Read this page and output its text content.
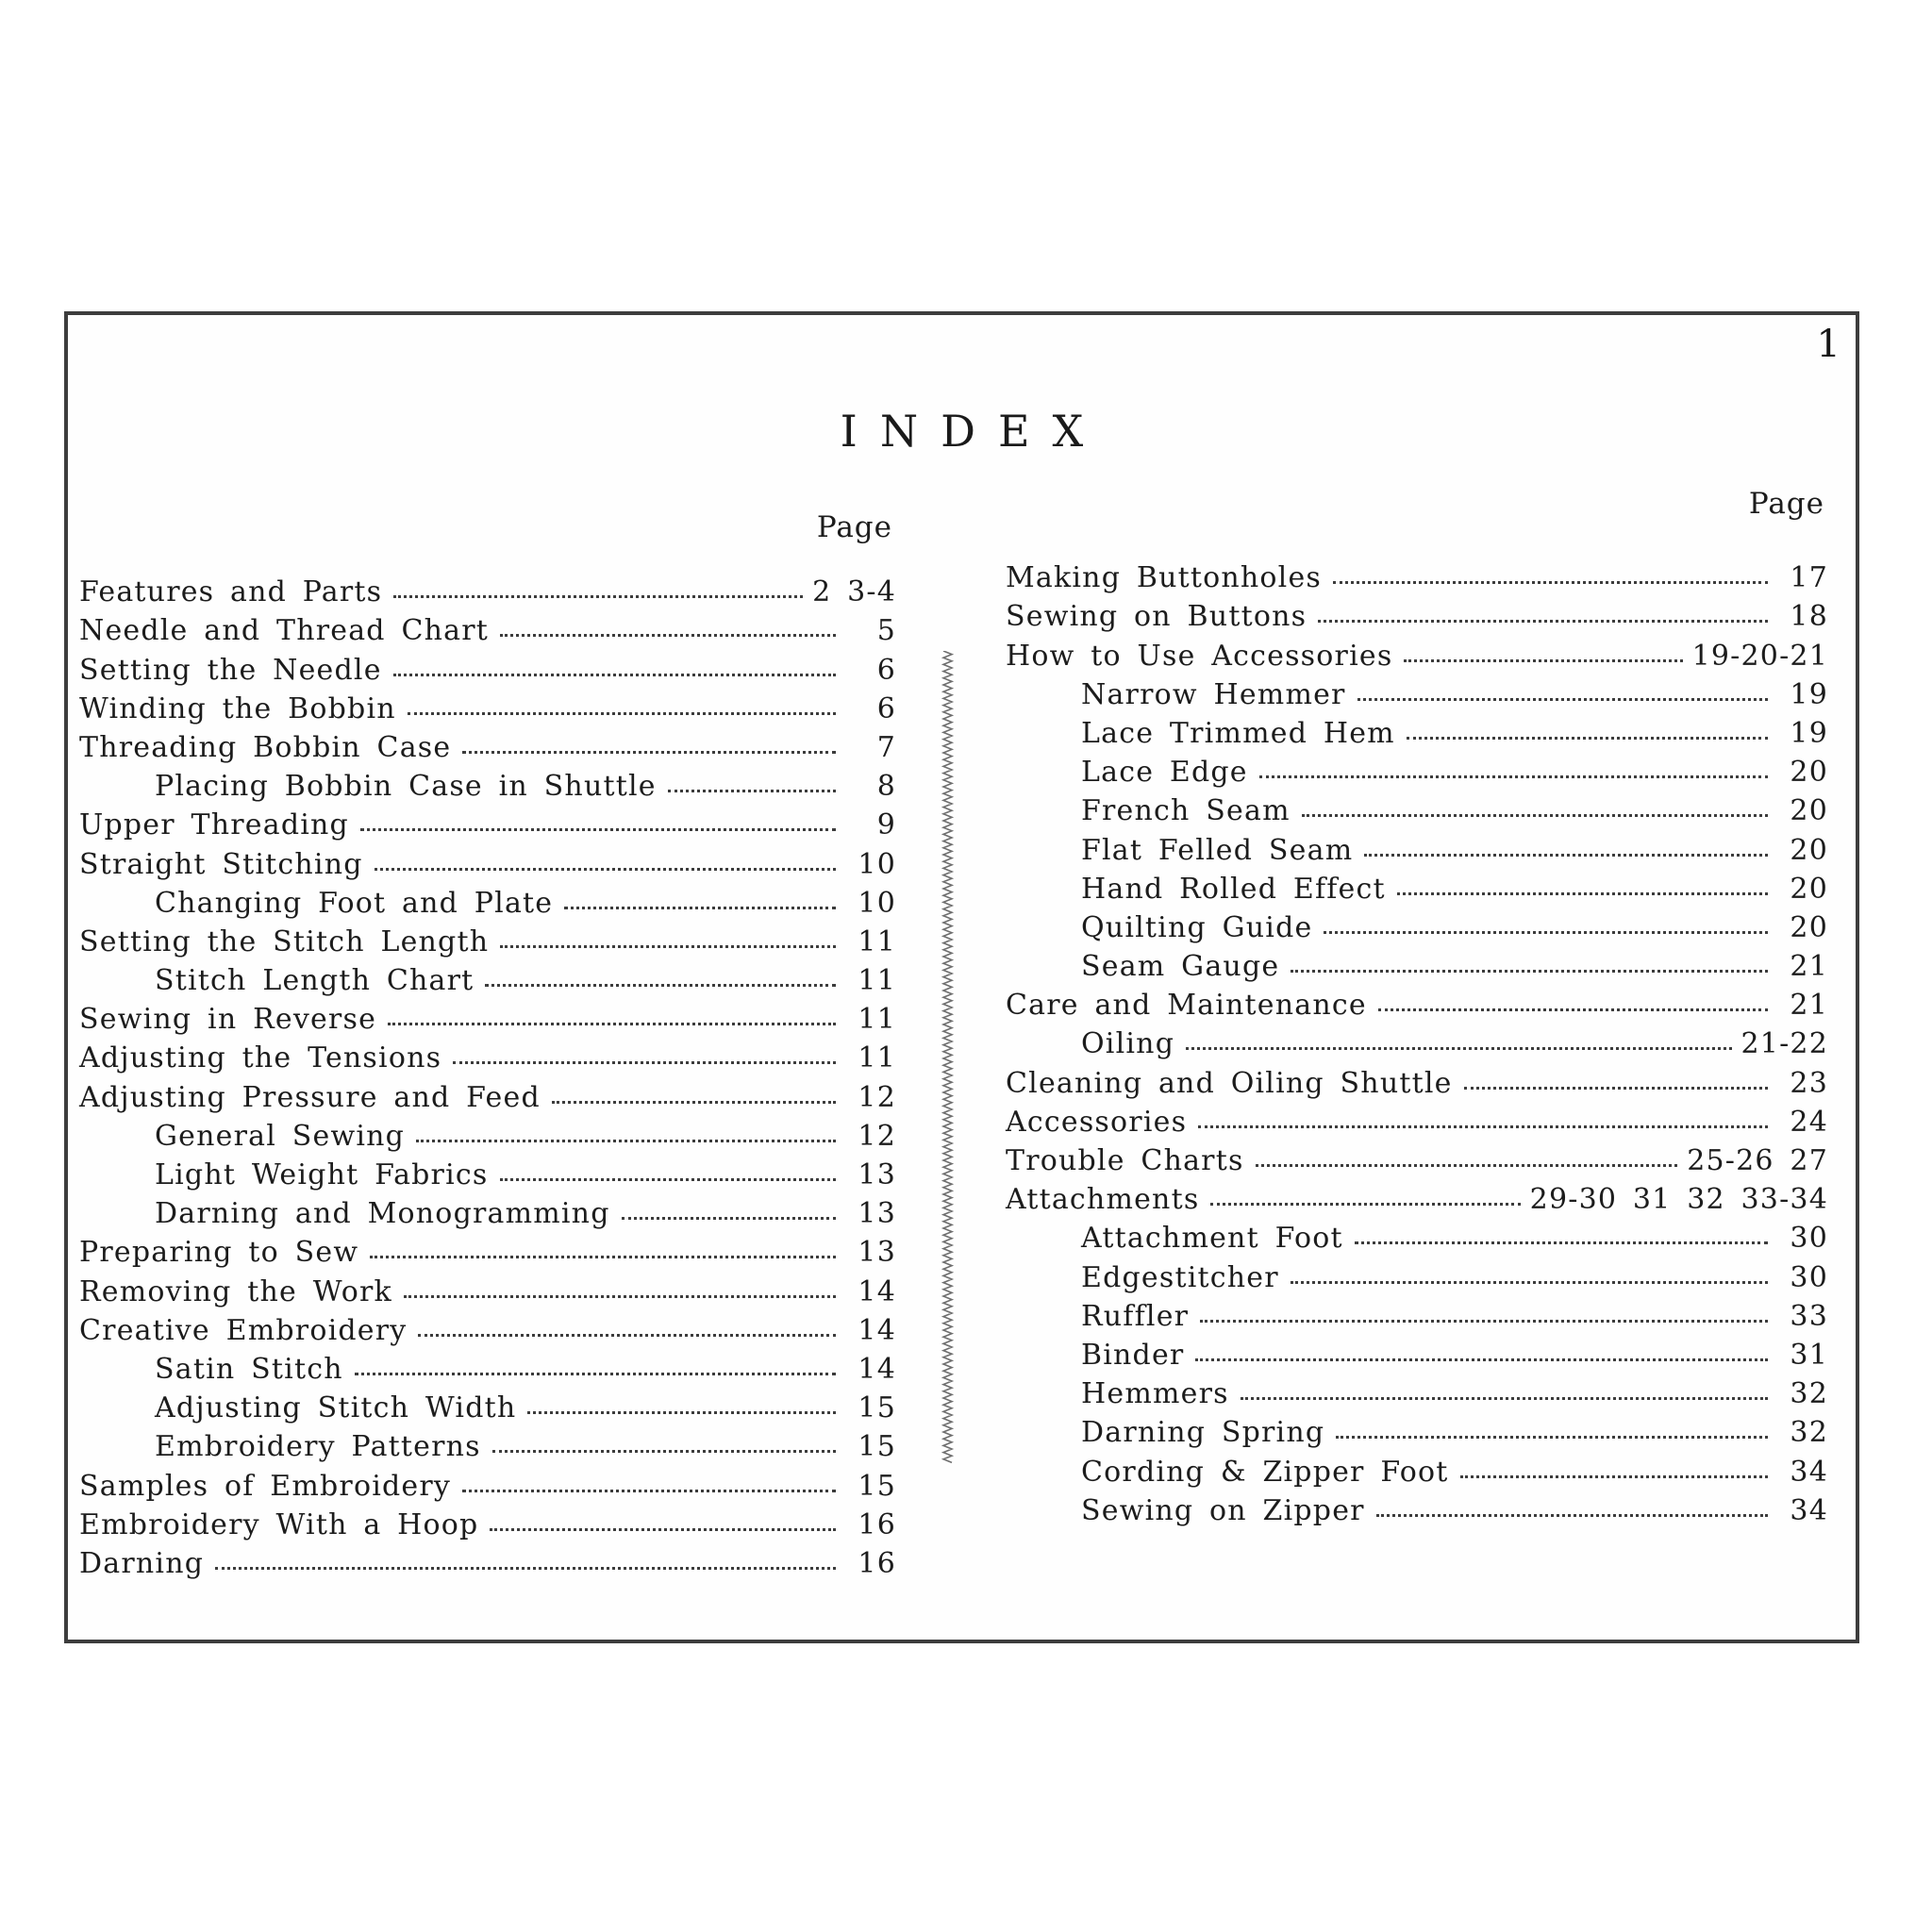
1
INDEX
Page
Features and Parts	2 3-4
Needle and Thread Chart	5
Setting the Needle	6
Winding the Bobbin	6
Threading Bobbin Case	7
Placing Bobbin Case in Shuttle	8
Upper Threading	9
Straight Stitching	10
Changing Foot and Plate	10
Setting the Stitch Length	11
Stitch Length Chart	11
Sewing in Reverse	11
Adjusting the Tensions	11
Adjusting Pressure and Feed	12
General Sewing	12
Light Weight Fabrics	13
Darning and Monogramming	13
Preparing to Sew	13
Removing the Work	14
Creative Embroidery	14
Satin Stitch	14
Adjusting Stitch Width	15
Embroidery Patterns	15
Samples of Embroidery	15
Embroidery With a Hoop	16
Darning	16
Page
Making Buttonholes	17
Sewing on Buttons	18
How to Use Accessories	19-20-21
Narrow Hemmer	19
Lace Trimmed Hem	19
Lace Edge	20
French Seam	20
Flat Felled Seam	20
Hand Rolled Effect	20
Quilting Guide	20
Seam Gauge	21
Care and Maintenance	21
Oiling	21-22
Cleaning and Oiling Shuttle	23
Accessories	24
Trouble Charts	25-26 27
Attachments	29-30 31 32 33-34
Attachment Foot	30
Edgestitcher	30
Ruffler	33
Binder	31
Hemmers	32
Darning Spring	32
Cording & Zipper Foot	34
Sewing on Zipper	34
